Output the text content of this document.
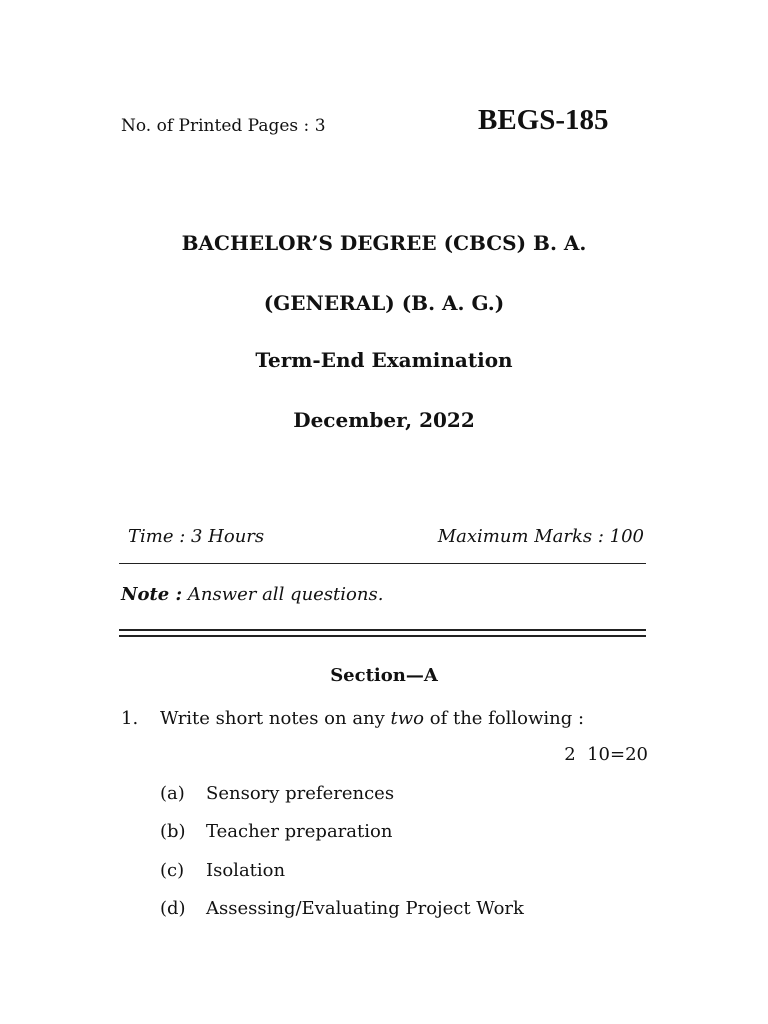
No. of Printed Pages : 3	BEGS-185
BACHELOR’S DEGREE (CBCS) B. A.
(GENERAL) (B. A. G.)
Term-End Examination
December, 2022
Time : 3 Hours	Maximum Marks : 100
Note : Answer all questions.
Section—A
1. Write short notes on any two of the following :
2  10=20
(a) Sensory preferences
(b) Teacher preparation
(c) Isolation
(d) Assessing/Evaluating Project Work
